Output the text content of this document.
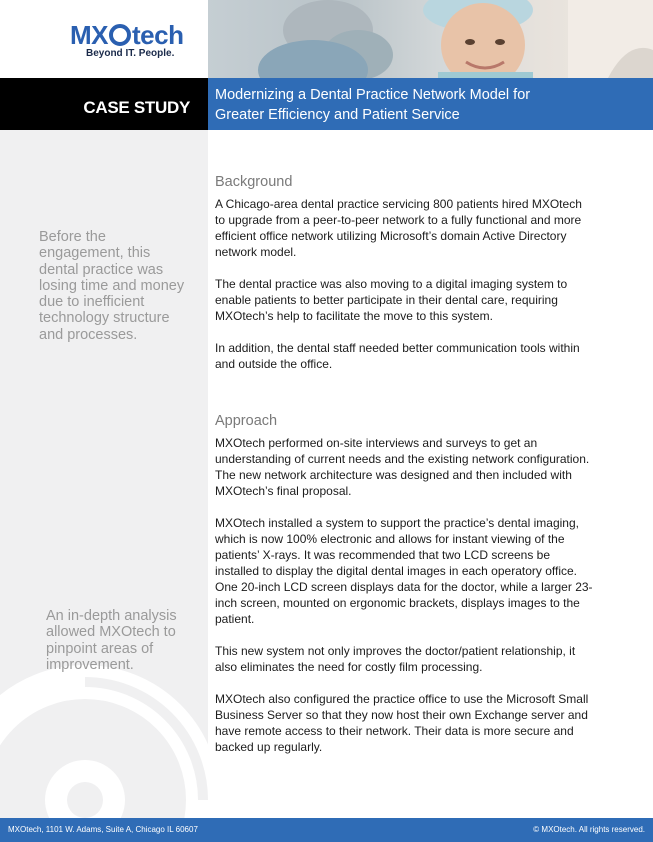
MX tech
Beyond IT. People.
CASE STUDY
Modernizing a Dental Practice Network Model for
Greater Efficiency and Patient Service
Before the engagement, this dental practice was losing time and money due to inefficient technology structure and processes.
An in-depth analysis allowed MXOtech to pinpoint areas of improvement.
Background

A Chicago-area dental practice servicing 800 patients hired MXOtech to upgrade from a peer-to-peer network to a fully functional and more efficient office network utilizing Microsoft’s domain Active Directory network model.

The dental practice was also moving to a digital imaging system to enable patients to better participate in their dental care, requiring MXOtech’s help to facilitate the move to this system.

In addition, the dental staff needed better communication tools within and outside the office.

Approach

MXOtech performed on-site interviews and surveys to get an understanding of current needs and the existing network configuration. The new network architecture was designed and then included with MXOtech’s final proposal.

MXOtech installed a system to support the practice’s dental imaging, which is now 100% electronic and allows for instant viewing of the patients’ X-rays. It was recommended that two LCD screens be installed to display the digital dental images in each operatory office. One 20-inch LCD screen displays data for the doctor, while a larger 23-inch screen, mounted on ergonomic brackets, displays images to the patient.

This new system not only improves the doctor/patient relationship, it also eliminates the need for costly film processing.

MXOtech also configured the practice office to use the Microsoft Small Business Server so that they now host their own Exchange server and have remote access to their network. Their data is more secure and backed up regularly.

MXOtech, 1101 W. Adams, Suite A, Chicago IL 60607	© MXOtech. All rights reserved.
